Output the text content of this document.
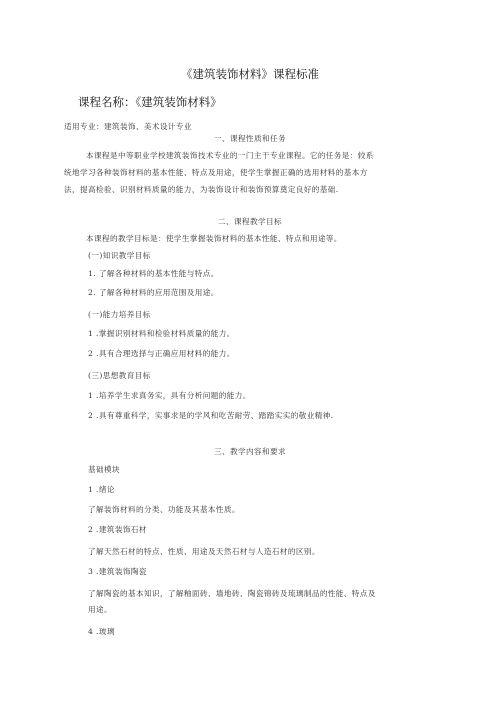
《建筑装饰材料》课程标准
课程名称：《建筑装饰材料》
适用专业：建筑装饰、美术设计专业
一、课程性质和任务
本课程是中等职业学校建筑装饰技术专业的一门主干专业课程。它的任务是：较系
统地学习各种装饰材料的基本性能、特点及用途，使学生掌握正确的选用材料的基本方
法，提高检验、识别材料质量的能力，为装饰设计和装饰预算奠定良好的基础.
二、课程教学目标
本课程的教学目标是：使学生掌握装饰材料的基本性能、特点和用途等。
(一)知识教学目标
1. 了解各种材料的基本性能与特点。
2. 了解各种材料的应用范围及用途。
(一)能力培养目标
1 .掌握识别材料和检验材料质量的能力。
2 .具有合理选择与正确应用材料的能力。
(三)思想教育目标
1 .培养学生求真务实，具有分析问题的能力。
2 .具有尊重科学，实事求是的学风和吃苦耐劳、踏踏实实的敬业精神.
三、教学内容和要求
基础模块
1 .绪论
了解装饰材料的分类、功能及其基本性质。
2 .建筑装饰石材
了解天然石材的特点、性质、用途及天然石材与人造石材的区别。
3 .建筑装饰陶瓷
了解陶瓷的基本知识，了解釉面砖、墙地砖、陶瓷锦砖及琉璃制品的性能、特点及
用途。
4 .玻璃
